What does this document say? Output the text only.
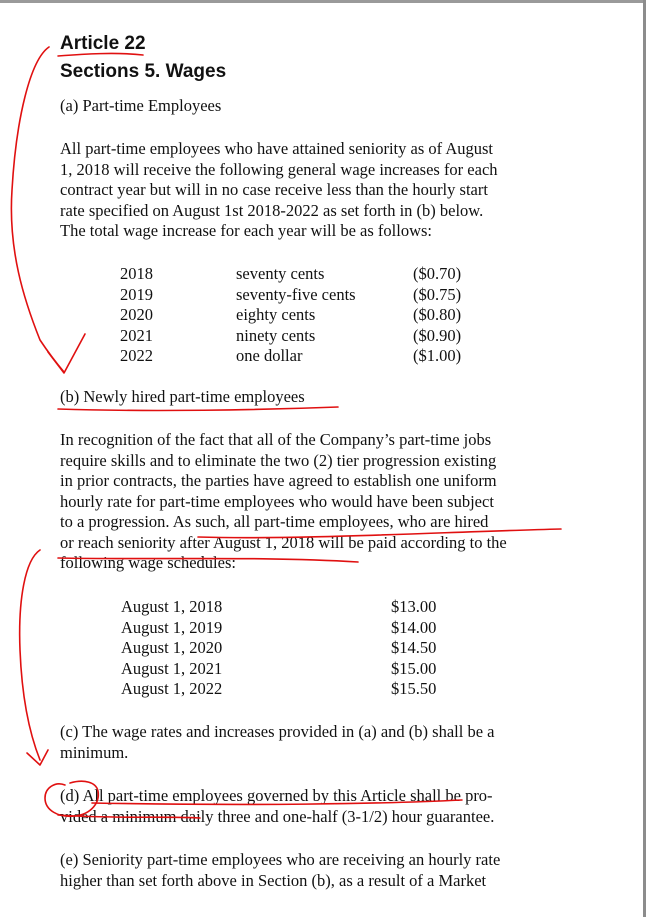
Article 22
Sections 5. Wages

(a) Part-time Employees

All part-time employees who have attained seniority as of August
1, 2018 will receive the following general wage increases for each
contract year but will in no case receive less than the hourly start
rate specified on August 1st 2018-2022 as set forth in (b) below.
The total wage increase for each year will be as follows:
2018	seventy cents	($0.70)
2019	seventy-five cents	($0.75)
2020	eighty cents	($0.80)
2021	ninety cents	($0.90)
2022	one dollar	($1.00)

(b) Newly hired part-time employees

In recognition of the fact that all of the Company’s part-time jobs
require skills and to eliminate the two (2) tier progression existing
in prior contracts, the parties have agreed to establish one uniform
hourly rate for part-time employees who would have been subject
to a progression. As such, all part-time employees, who are hired
or reach seniority after August 1, 2018 will be paid according to the
following wage schedules:
August 1, 2018	$13.00
August 1, 2019	$14.00
August 1, 2020	$14.50
August 1, 2021	$15.00
August 1, 2022	$15.50
(c) The wage rates and increases provided in (a) and (b) shall be a
minimum.
(d) All part-time employees governed by this Article shall be pro-
vided a minimum daily three and one-half (3-1/2) hour guarantee.
(e) Seniority part-time employees who are receiving an hourly rate
higher than set forth above in Section (b), as a result of a Market
